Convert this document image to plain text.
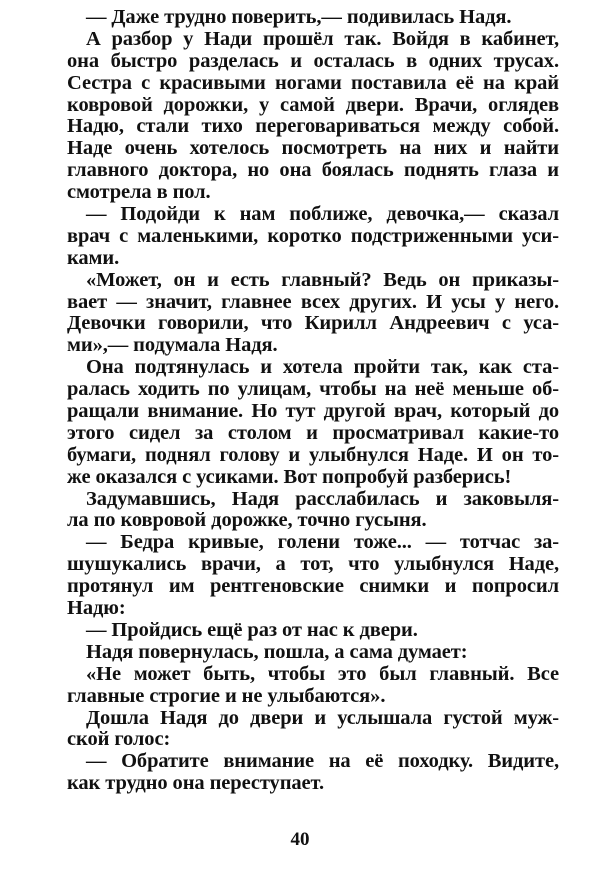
— Даже трудно поверить,— подивилась Надя.
А разбор у Нади прошёл так. Войдя в кабинет,
она быстро разделась и осталась в одних трусах.
Сестра с красивыми ногами поставила её на край
ковровой дорожки, у самой двери. Врачи, оглядев
Надю, стали тихо переговариваться между собой.
Наде очень хотелось посмотреть на них и найти
главного доктора, но она боялась поднять глаза и
смотрела в пол.
— Подойди к нам поближе, девочка,— сказал
врач с маленькими, коротко подстриженными уси-
ками.
«Может, он и есть главный? Ведь он приказы-
вает — значит, главнее всех других. И усы у него.
Девочки говорили, что Кирилл Андреевич с уса-
ми»,— подумала Надя.
Она подтянулась и хотела пройти так, как ста-
ралась ходить по улицам, чтобы на неё меньше об-
ращали внимание. Но тут другой врач, который до
этого сидел за столом и просматривал какие-то
бумаги, поднял голову и улыбнулся Наде. И он то-
же оказался с усиками. Вот попробуй разберись!
Задумавшись, Надя расслабилась и заковыля-
ла по ковровой дорожке, точно гусыня.
— Бедра кривые, голени тоже... — тотчас за-
шушукались врачи, а тот, что улыбнулся Наде,
протянул им рентгеновские снимки и попросил
Надю:
— Пройдись ещё раз от нас к двери.
Надя повернулась, пошла, а сама думает:
«Не может быть, чтобы это был главный. Все
главные строгие и не улыбаются».
Дошла Надя до двери и услышала густой муж-
ской голос:
— Обратите внимание на её походку. Видите,
как трудно она переступает.
40
